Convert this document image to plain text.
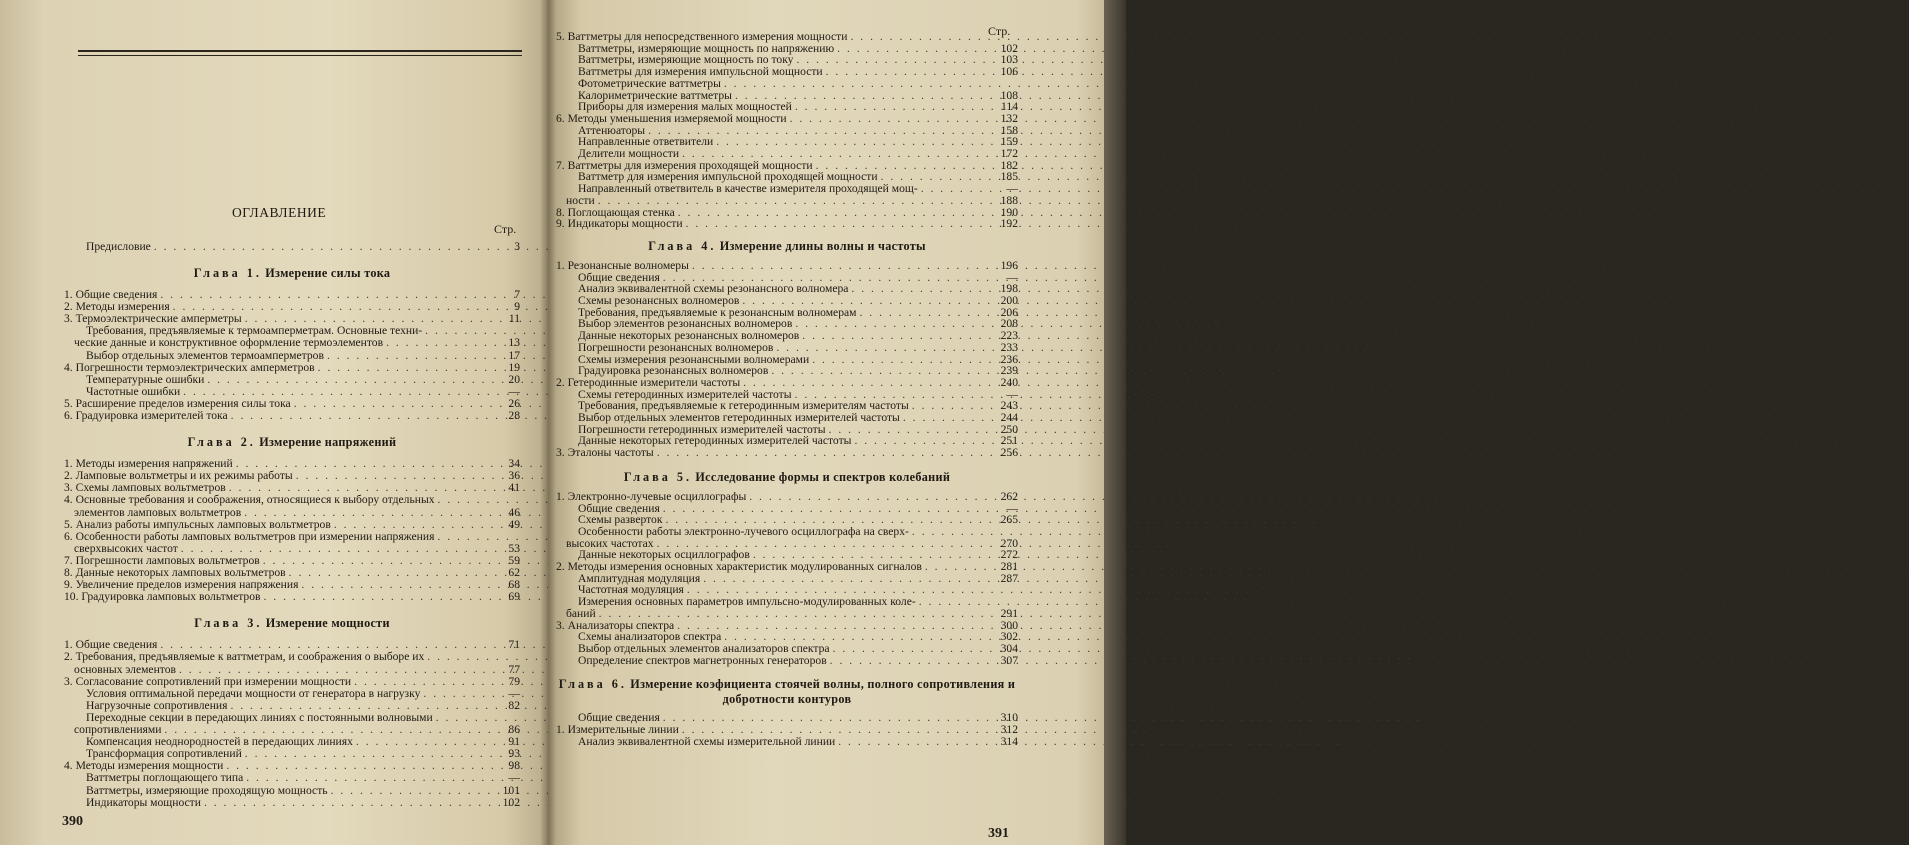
ОГЛАВЛЕНИЕ
Стр.
390
Предисловие . . .	3
Глава 1. Измерение силы тока
1. Общие сведения . . .	7
2. Методы измерения . . .	9
3. Термоэлектрические амперметры . . .	11
Требования, предъявляемые к термоамперметрам. Основные техни-
. . .
ческие данные и конструктивное оформление термоэлементов . . .	13
Выбор отдельных элементов термоамперметров . . .	17
4. Погрешности термоэлектрических амперметров . . .	19
Температурные ошибки . . .	20
Частотные ошибки . . .	—
5. Расширение пределов измерения силы тока . . .	26
6. Градуировка измерителей тока . . .	28
Глава 2. Измерение напряжений
1. Методы измерения напряжений . . .	34
2. Ламповые вольтметры и их режимы работы . . .	36
3. Схемы ламповых вольтметров . . .	41
4. Основные требования и соображения, относящиеся к выбору отдельных
. . .
элементов ламповых вольтметров . . .	46
5. Анализ работы импульсных ламповых вольтметров . . .	49
6. Особенности работы ламповых вольтметров при измерении напряжения
. . .
сверхвысоких частот . . .	53
7. Погрешности ламповых вольтметров . . .	59
8. Данные некоторых ламповых вольтметров . . .	62
9. Увеличение пределов измерения напряжения . . .	68
10. Градуировка ламповых вольтметров . . .	69
Глава 3. Измерение мощности
1. Общие сведения . . .	71
2. Требования, предъявляемые к ваттметрам, и соображения о выборе их
. . .
основных элементов . . .	77
3. Согласование сопротивлений при измерении мощности . . .	79
Условия оптимальной передачи мощности от генератора в нагрузку . . .	—
Нагрузочные сопротивления . . .	82
Переходные секции в передающих линиях с постоянными волновыми
. . .
сопротивлениями . . .	86
Компенсация неоднородностей в передающих линиях . . .	91
Трансформация сопротивлений . . .	93
4. Методы измерения мощности . . .	98
Ваттметры поглощающего типа . . .	—
Ваттметры, измеряющие проходящую мощность . . .	101
Индикаторы мощности . . .	102
Стр.
391
5. Ваттметры для непосредственного измерения мощности
. . .
Ваттметры, измеряющие мощность по напряжению . . .	102
Ваттметры, измеряющие мощность по току . . .	103
Ваттметры для измерения импульсной мощности . . .	106
Фотометрические ваттметры
. . .
Калориметрические ваттметры . . .	108
Приборы для измерения малых мощностей . . .	114
6. Методы уменьшения измеряемой мощности . . .	132
Аттенюаторы . . .	158
Направленные ответвители . . .	159
Делители мощности . . .	172
7. Ваттметры для измерения проходящей мощности . . .	182
Ваттметр для измерения импульсной проходящей мощности . . .	185
Направленный ответвитель в качестве измерителя проходящей мощ- . . .	—
ности . . .	188
8. Поглощающая стенка . . .	190
9. Индикаторы мощности . . .	192
Глава 4. Измерение длины волны и частоты
1. Резонансные волномеры . . .	196
Общие сведения . . .	—
Анализ эквивалентной схемы резонансного волномера . . .	198
Схемы резонансных волномеров . . .	200
Требования, предъявляемые к резонансным волномерам . . .	206
Выбор элементов резонансных волномеров . . .	208
Данные некоторых резонансных волномеров . . .	223
Погрешности резонансных волномеров . . .	233
Схемы измерения резонансными волномерами . . .	236
Градуировка резонансных волномеров . . .	239
2. Гетеродинные измерители частоты . . .	240
Схемы гетеродинных измерителей частоты . . .	—
Требования, предъявляемые к гетеродинным измерителям частоты . . .	243
Выбор отдельных элементов гетеродинных измерителей частоты . . .	244
Погрешности гетеродинных измерителей частоты . . .	250
Данные некоторых гетеродинных измерителей частоты . . .	251
3. Эталоны частоты . . .	256
Глава 5. Исследование формы и спектров колебаний
1. Электронно-лучевые осциллографы . . .	262
Общие сведения . . .	—
Схемы разверток . . .	265
Особенности работы электронно-лучевого осциллографа на сверх-
. . .
высоких частотах . . .	270
Данные некоторых осциллографов . . .	272
2. Методы измерения основных характеристик модулированных сигналов . . .	281
Амплитудная модуляция . . .	287
Частотная модуляция
. . .
Измерения основных параметров импульсно-модулированных коле-
. . .
баний . . .	291
3. Анализаторы спектра . . .	300
Схемы анализаторов спектра . . .	302
Выбор отдельных элементов анализаторов спектра . . .	304
Определение спектров магнетронных генераторов . . .	307
Глава 6. Измерение коэфициента стоячей волны, полного сопротивления и добротности контуров
Общие сведения . . .	310
1. Измерительные линии . . .	312
Анализ эквивалентной схемы измерительной линии . . .	314
